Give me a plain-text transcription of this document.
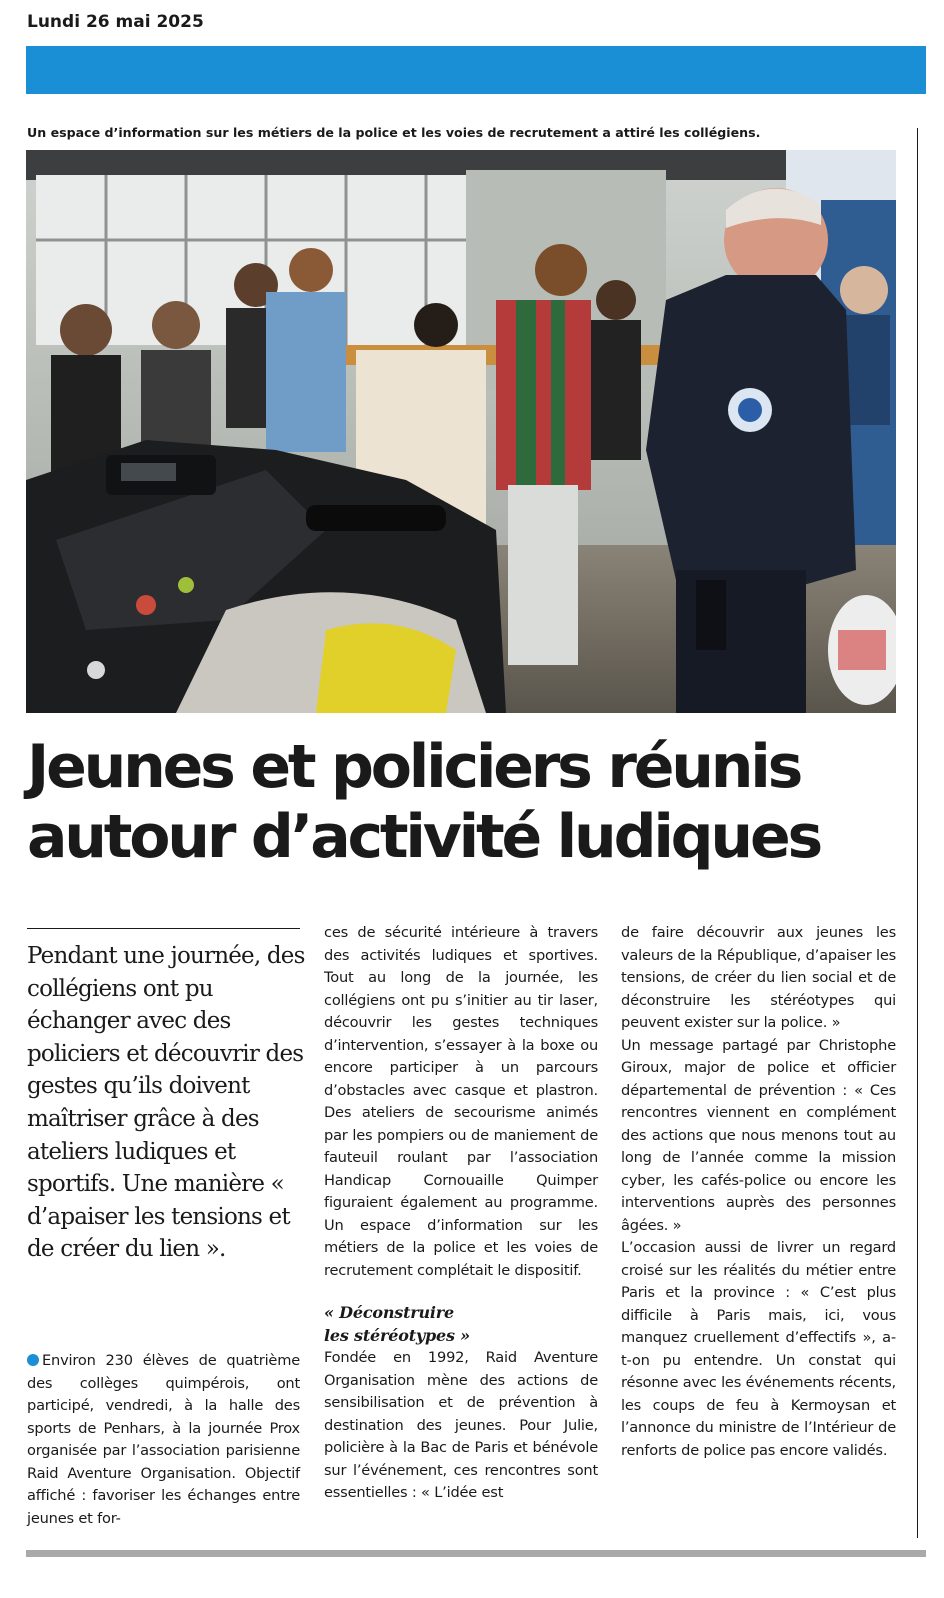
Lundi 26 mai 2025
Un espace d’information sur les métiers de la police et les voies de recrutement a attiré les collégiens.
Jeunes et policiers réunis
autour d’activité ludiques

Pendant une journée, des collégiens ont pu échanger avec des policiers et découvrir des gestes qu’ils doivent maîtriser grâce à des ateliers ludiques et sportifs. Une manière « d’apaiser les tensions et de créer du lien ».

Environ 230 élèves de quatrième des collèges quimpérois, ont participé, vendredi, à la halle des sports de Penhars, à la journée Prox organisée par l’association parisienne Raid Aventure Organisation. Objectif affiché : favoriser les échanges entre jeunes et for-

ces de sécurité intérieure à travers des activités ludiques et sportives. Tout au long de la journée, les collégiens ont pu s’initier au tir laser, découvrir les gestes techniques d’intervention, s’essayer à la boxe ou encore participer à un parcours d’obstacles avec casque et plastron. Des ateliers de secourisme animés par les pompiers ou de maniement de fauteuil roulant par l’association Handicap Cornouaille Quimper figuraient également au programme. Un espace d’information sur les métiers de la police et les voies de recrutement complétait le dispositif.

« Déconstruire
les stéréotypes »

Fondée en 1992, Raid Aventure Organisation mène des actions de sensibilisation et de prévention à destination des jeunes. Pour Julie, policière à la Bac de Paris et bénévole sur l’événement, ces rencontres sont essentielles : « L’idée est

de faire découvrir aux jeunes les valeurs de la République, d’apaiser les tensions, de créer du lien social et de déconstruire les stéréotypes qui peuvent exister sur la police. »

Un message partagé par Christophe Giroux, major de police et officier départemental de prévention : « Ces rencontres viennent en complément des actions que nous menons tout au long de l’année comme la mission cyber, les cafés-police ou encore les interventions auprès des personnes âgées. »

L’occasion aussi de livrer un regard croisé sur les réalités du métier entre Paris et la province : « C’est plus difficile à Paris mais, ici, vous manquez cruellement d’effectifs », a-t-on pu entendre. Un constat qui résonne avec les événements récents, les coups de feu à Kermoysan et l’annonce du ministre de l’Intérieur de renforts de police pas encore validés.
